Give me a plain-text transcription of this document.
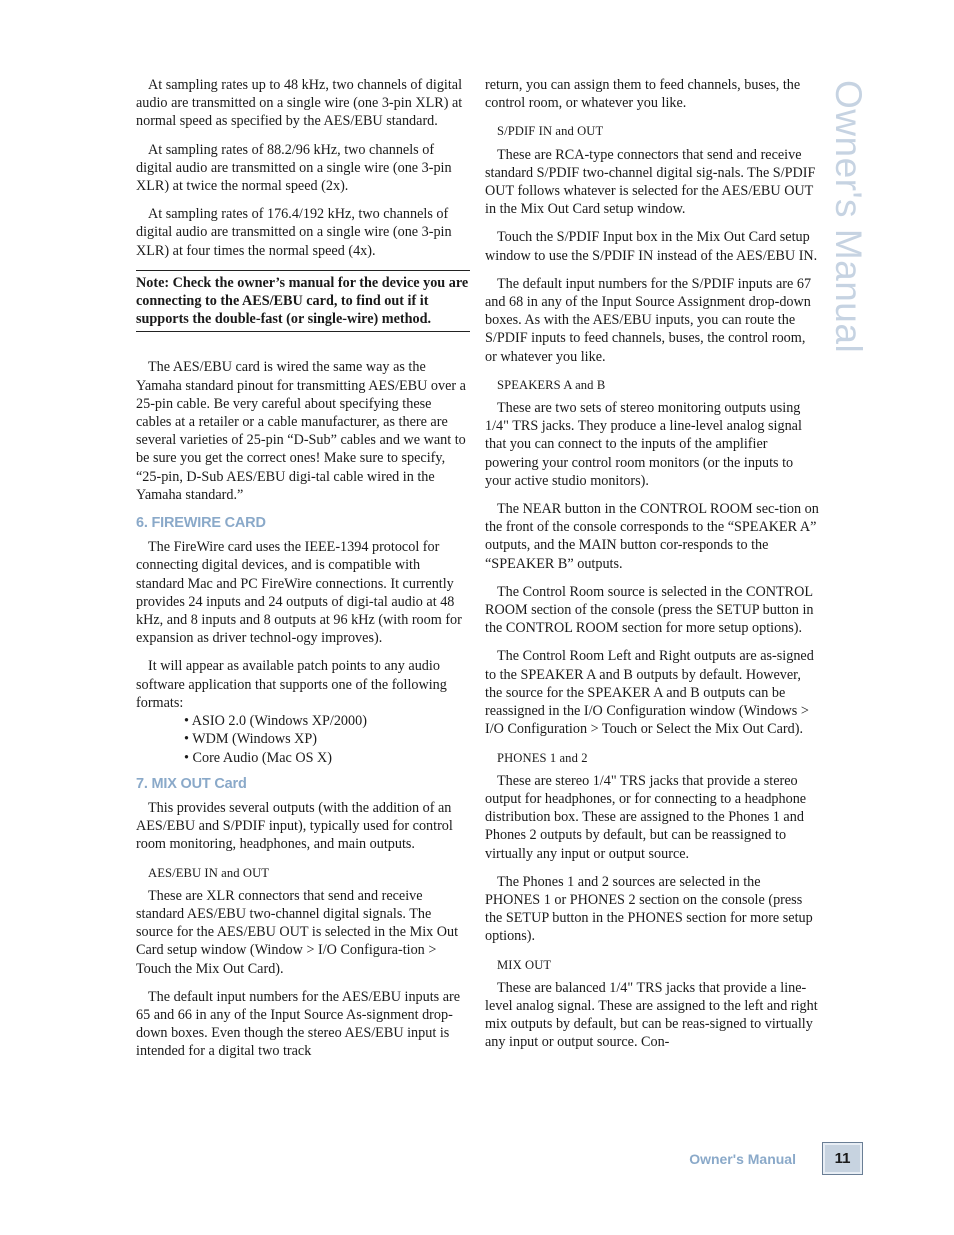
Owner's Manual

At sampling rates up to 48 kHz, two channels of digital audio are transmitted on a single wire (one 3-pin XLR) at normal speed as specified by the AES/EBU standard.

At sampling rates of 88.2/96 kHz, two channels of digital audio are transmitted on a single wire (one 3-pin XLR) at twice the normal speed (2x).

At sampling rates of 176.4/192 kHz, two channels of digital audio are transmitted on a single wire (one 3-pin XLR) at four times the normal speed (4x).

Note: Check the owner’s manual for the device you are connecting to the AES/EBU card, to find out if it supports the double-fast (or single-wire) method.

The AES/EBU card is wired the same way as the Yamaha standard pinout for transmitting AES/EBU over a 25-pin cable. Be very careful about specifying these cables at a retailer or a cable manufacturer, as there are several varieties of 25-pin “D-Sub” cables and we want to be sure you get the correct ones! Make sure to specify, “25-pin, D-Sub AES/EBU digi-tal cable wired in the Yamaha standard.”

6. FIREWIRE CARD

The FireWire card uses the IEEE-1394 protocol for connecting digital devices, and is compatible with standard Mac and PC FireWire connections. It currently provides 24 inputs and 24 outputs of digi-tal audio at 48 kHz, and 8 inputs and 8 outputs at 96 kHz (with room for expansion as driver technol-ogy improves).

It will appear as available patch points to any audio software application that supports one of the following formats:

• ASIO 2.0 (Windows XP/2000)
• WDM (Windows XP)
• Core Audio (Mac OS X)
7. MIX OUT Card

This provides several outputs (with the addition of an AES/EBU and S/PDIF input), typically used for control room monitoring, headphones, and main outputs.

AES/EBU IN and OUT

These are XLR connectors that send and receive standard AES/EBU two-channel digital signals. The source for the AES/EBU OUT is selected in the Mix Out Card setup window (Window > I/O Configura-tion > Touch the Mix Out Card).

The default input numbers for the AES/EBU inputs are 65 and 66 in any of the Input Source As-signment drop-down boxes. Even though the stereo AES/EBU input is intended for a digital two track

return, you can assign them to feed channels, buses, the control room, or whatever you like.

S/PDIF IN and OUT

These are RCA-type connectors that send and receive standard S/PDIF two-channel digital sig-nals. The S/PDIF OUT follows whatever is selected for the AES/EBU OUT in the Mix Out Card setup window.

Touch the S/PDIF Input box in the Mix Out Card setup window to use the S/PDIF IN instead of the AES/EBU IN.

The default input numbers for the S/PDIF inputs are 67 and 68 in any of the Input Source Assignment drop-down boxes. As with the AES/EBU inputs, you can route the S/PDIF inputs to feed channels, buses, the control room, or whatever you like.

SPEAKERS A and B

These are two sets of stereo monitoring outputs using 1/4" TRS jacks. They produce a line-level analog signal that you can connect to the inputs of the amplifier powering your control room monitors (or the inputs to your active studio monitors).

The NEAR button in the CONTROL ROOM sec-tion on the front of the console corresponds to the “SPEAKER A” outputs, and the MAIN button cor-responds to the “SPEAKER B” outputs.

The Control Room source is selected in the CONTROL ROOM section of the console (press the SETUP button in the CONTROL ROOM section for more setup options).

The Control Room Left and Right outputs are as-signed to the SPEAKER A and B outputs by default. However, the source for the SPEAKER A and B outputs can be reassigned in the I/O Configuration window (Windows > I/O Configuration > Touch or Select the Mix Out Card).

PHONES 1 and 2

These are stereo 1/4" TRS jacks that provide a stereo output for headphones, or for connecting to a headphone distribution box. These are assigned to the Phones 1 and Phones 2 outputs by default, but can be reassigned to virtually any input or output source.

The Phones 1 and 2 sources are selected in the PHONES 1 or PHONES 2 section on the console (press the SETUP button in the PHONES section for more setup options).

MIX OUT

These are balanced 1/4" TRS jacks that provide a line-level analog signal. These are assigned to the left and right mix outputs by default, but can be reas-signed to virtually any input or output source. Con-

Owner's Manual	11
